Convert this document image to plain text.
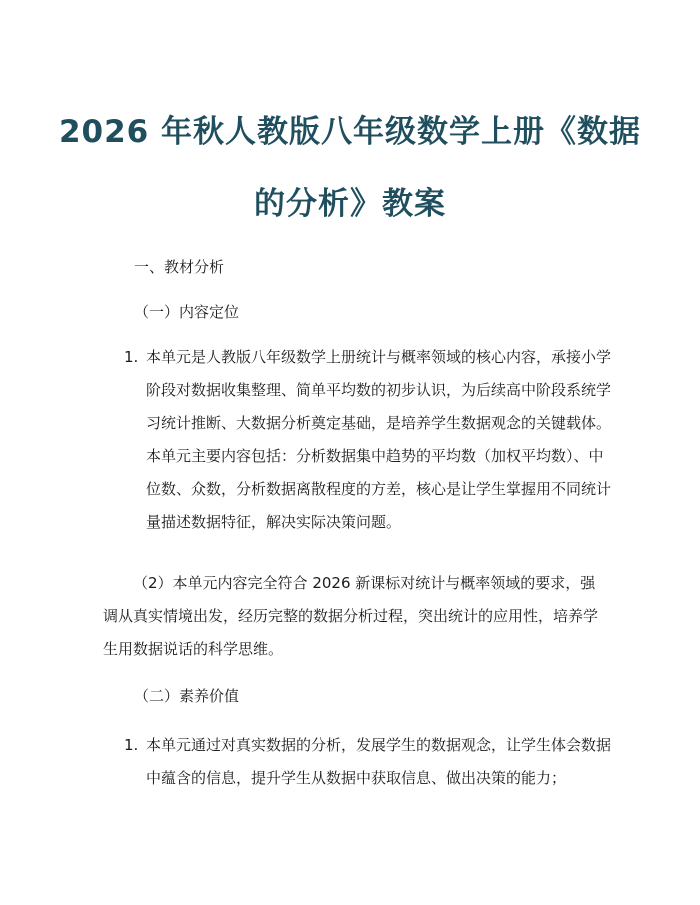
2026 年秋人教版八年级数学上册《数据
的分析》教案

一、教材分析

（一）内容定位

1. 本单元是人教版八年级数学上册统计与概率领域的核心内容，承接小学阶段对数据收集整理、简单平均数的初步认识，为后续高中阶段系统学习统计推断、大数据分析奠定基础，是培养学生数据观念的关键载体。本单元主要内容包括：分析数据集中趋势的平均数（加权平均数）、中位数、众数，分析数据离散程度的方差，核心是让学生掌握用不同统计量描述数据特征，解决实际决策问题。

（2）本单元内容完全符合 2026 新课标对统计与概率领域的要求，强调从真实情境出发，经历完整的数据分析过程，突出统计的应用性，培养学生用数据说话的科学思维。

（二）素养价值

1. 本单元通过对真实数据的分析，发展学生的数据观念，让学生体会数据中蕴含的信息，提升学生从数据中获取信息、做出决策的能力；
